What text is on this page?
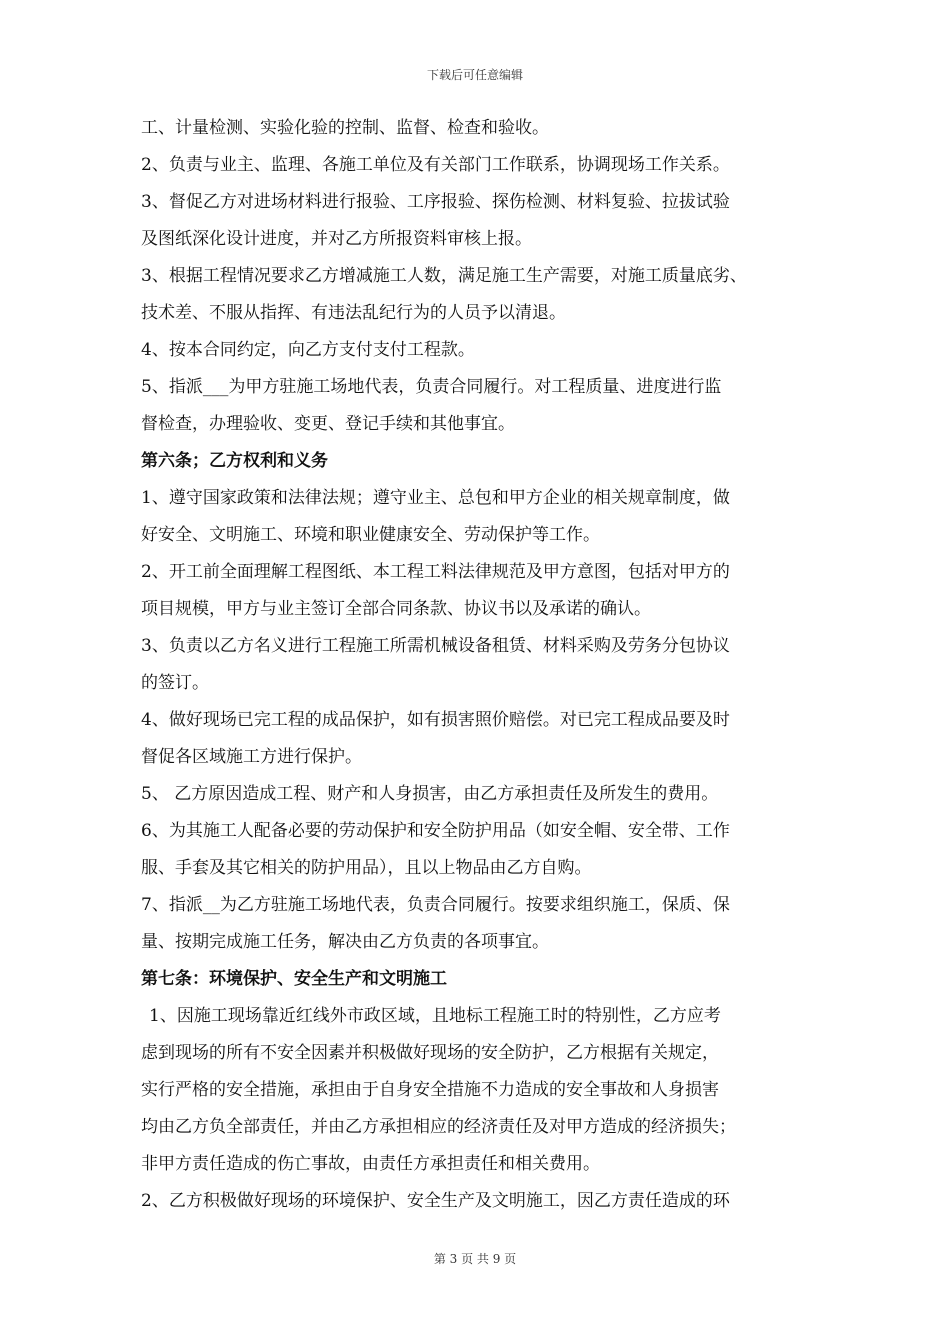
下载后可任意编辑
工、计量检测、实验化验的控制、监督、检查和验收。
2、负责与业主、监理、各施工单位及有关部门工作联系，协调现场工作关系。
3、督促乙方对进场材料进行报验、工序报验、探伤检测、材料复验、拉拔试验
及图纸深化设计进度，并对乙方所报资料审核上报。
3、根据工程情况要求乙方增减施工人数，满足施工生产需要，对施工质量底劣、
技术差、不服从指挥、有违法乱纪行为的人员予以清退。
4、按本合同约定，向乙方支付支付工程款。
5、指派___为甲方驻施工场地代表，负责合同履行。对工程质量、进度进行监
督检查，办理验收、变更、登记手续和其他事宜。
第六条；乙方权利和义务
1、遵守国家政策和法律法规；遵守业主、总包和甲方企业的相关规章制度，做
好安全、文明施工、环境和职业健康安全、劳动保护等工作。
2、开工前全面理解工程图纸、本工程工料法律规范及甲方意图，包括对甲方的
项目规模，甲方与业主签订全部合同条款、协议书以及承诺的确认。
3、负责以乙方名义进行工程施工所需机械设备租赁、材料采购及劳务分包协议
的签订。
4、做好现场已完工程的成品保护，如有损害照价赔偿。对已完工程成品要及时
督促各区域施工方进行保护。
5、 乙方原因造成工程、财产和人身损害，由乙方承担责任及所发生的费用。
6、为其施工人配备必要的劳动保护和安全防护用品（如安全帽、安全带、工作
服、手套及其它相关的防护用品），且以上物品由乙方自购。
7、指派__为乙方驻施工场地代表，负责合同履行。按要求组织施工，保质、保
量、按期完成施工任务，解决由乙方负责的各项事宜。
第七条：环境保护、安全生产和文明施工
1、因施工现场靠近红线外市政区域，且地标工程施工时的特别性，乙方应考
虑到现场的所有不安全因素并积极做好现场的安全防护，乙方根据有关规定，
实行严格的安全措施，承担由于自身安全措施不力造成的安全事故和人身损害
均由乙方负全部责任，并由乙方承担相应的经济责任及对甲方造成的经济损失；
非甲方责任造成的伤亡事故，由责任方承担责任和相关费用。
2、乙方积极做好现场的环境保护、安全生产及文明施工，因乙方责任造成的环
第 3 页 共 9 页
